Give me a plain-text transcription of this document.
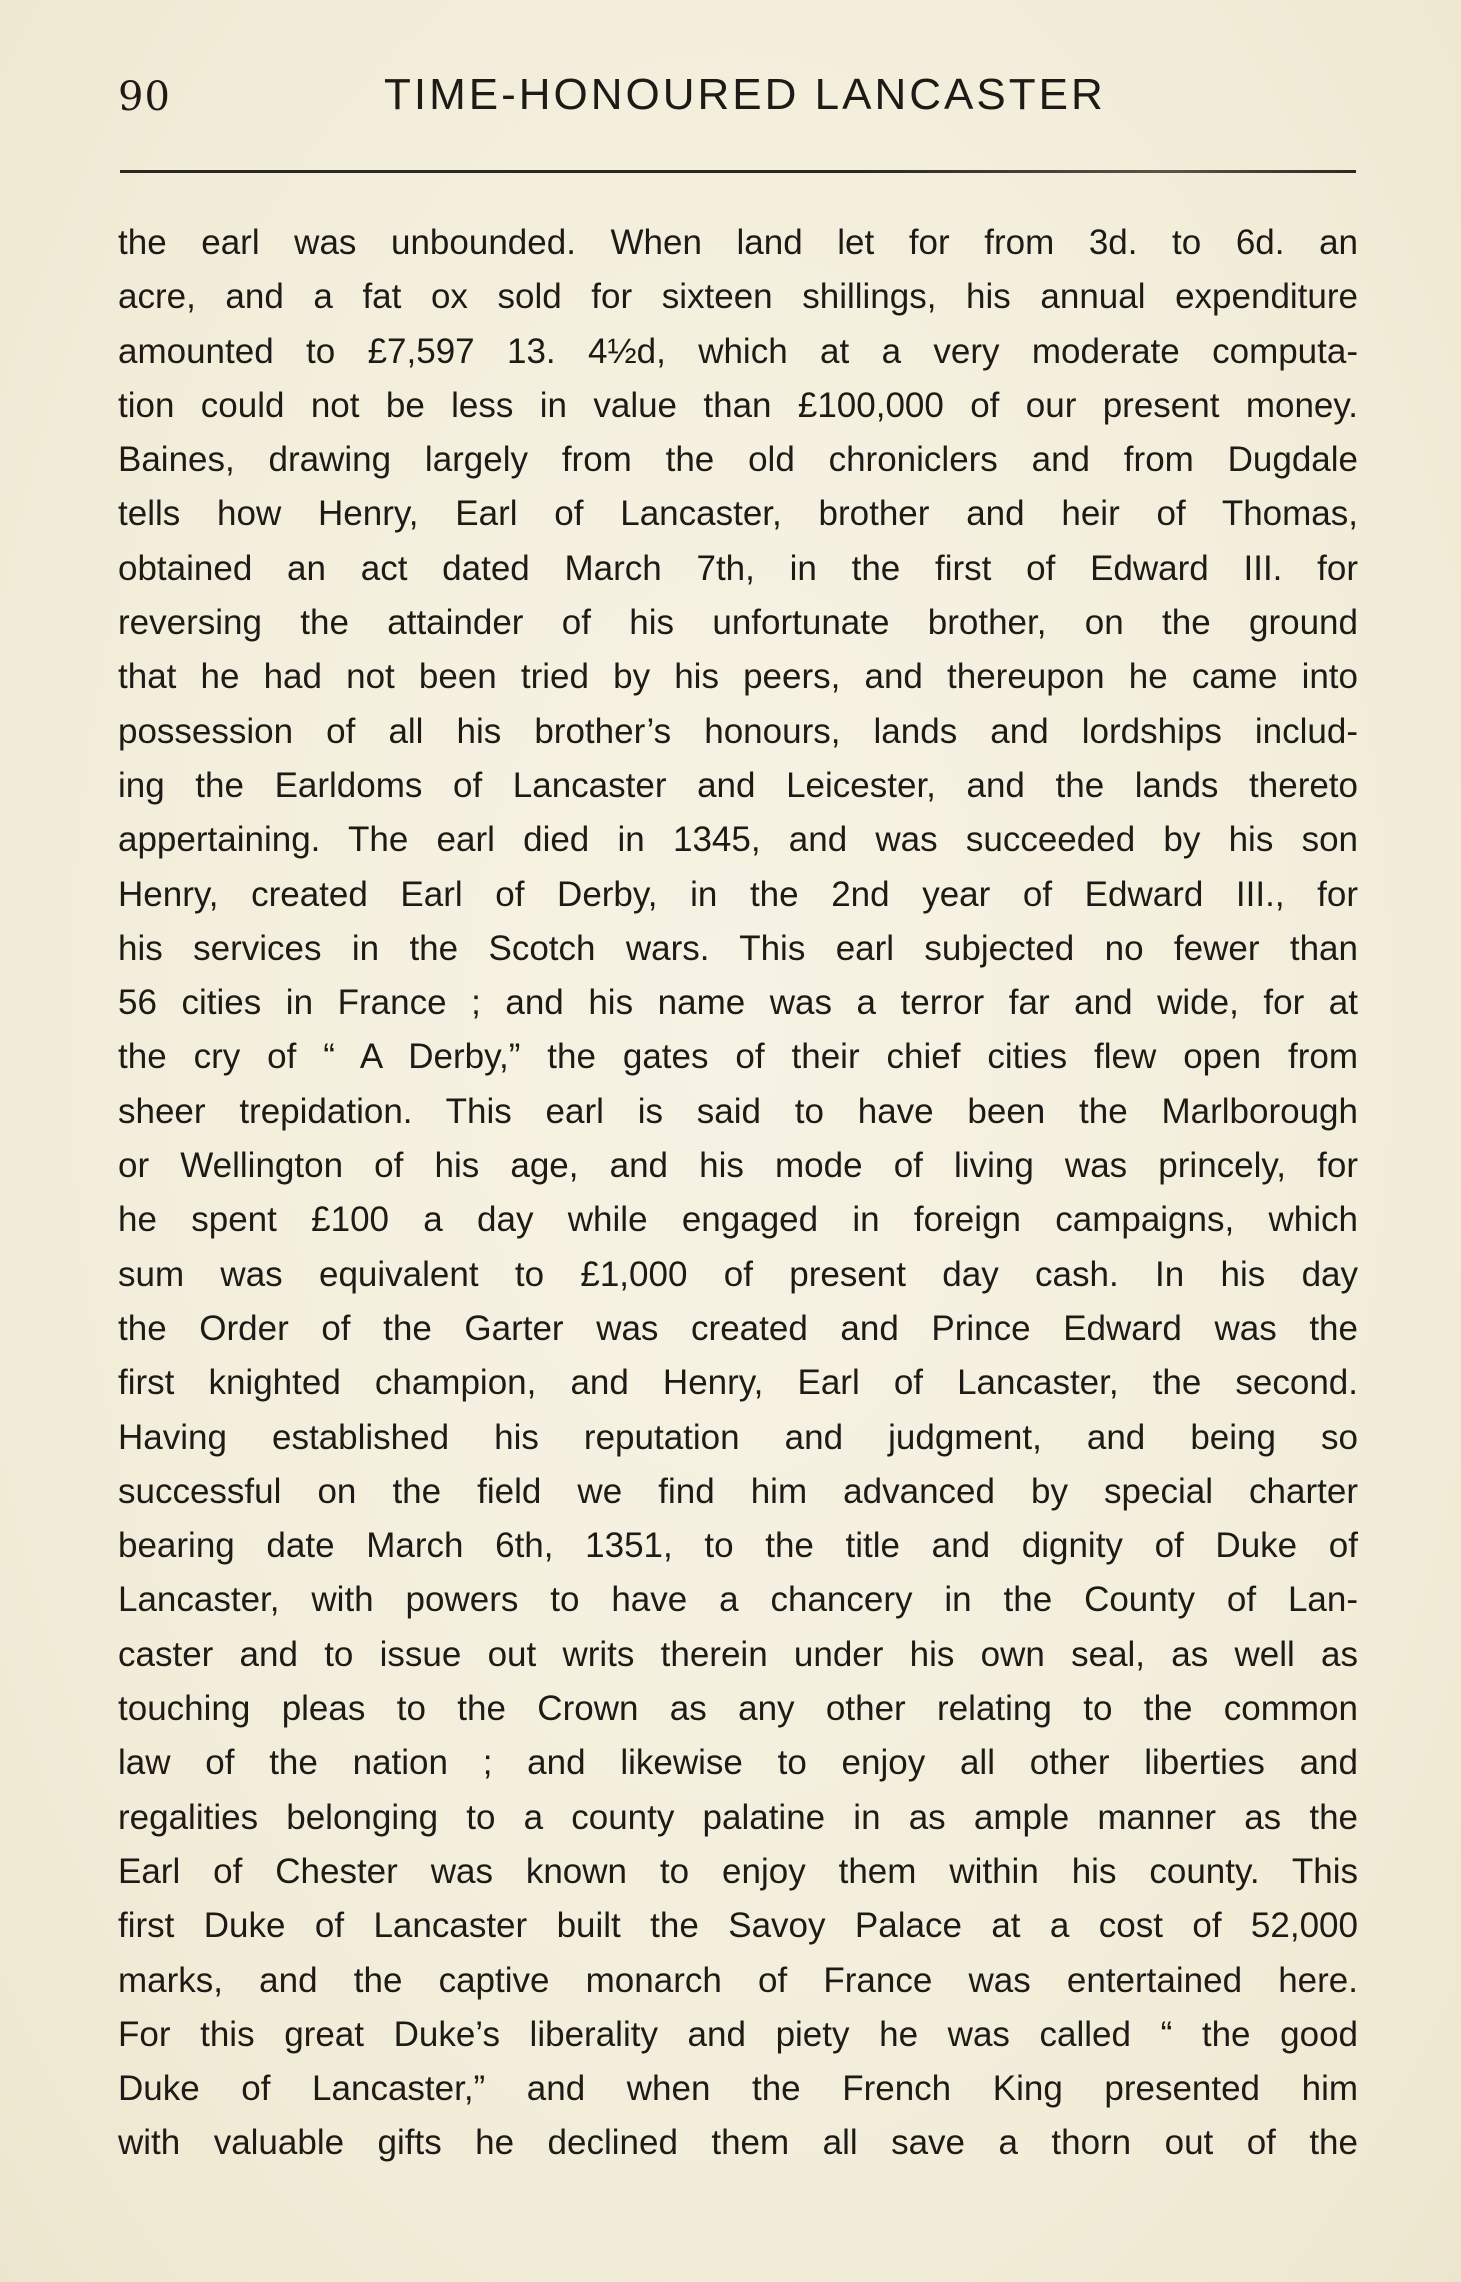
90	TIME-HONOURED LANCASTER
the earl was unbounded. When land let for from 3d. to 6d. an
acre, and a fat ox sold for sixteen shillings, his annual expenditure
amounted to £7,597 13. 4½d, which at a very moderate computa-
tion could not be less in value than £100,000 of our present money.
Baines, drawing largely from the old chroniclers and from Dugdale
tells how Henry, Earl of Lancaster, brother and heir of Thomas,
obtained an act dated March 7th, in the first of Edward III. for
reversing the attainder of his unfortunate brother, on the ground
that he had not been tried by his peers, and thereupon he came into
possession of all his brother’s honours, lands and lordships includ-
ing the Earldoms of Lancaster and Leicester, and the lands thereto
appertaining. The earl died in 1345, and was succeeded by his son
Henry, created Earl of Derby, in the 2nd year of Edward III., for
his services in the Scotch wars. This earl subjected no fewer than
56 cities in France ; and his name was a terror far and wide, for at
the cry of “ A Derby,” the gates of their chief cities flew open from
sheer trepidation. This earl is said to have been the Marlborough
or Wellington of his age, and his mode of living was princely, for
he spent £100 a day while engaged in foreign campaigns, which
sum was equivalent to £1,000 of present day cash. In his day
the Order of the Garter was created and Prince Edward was the
first knighted champion, and Henry, Earl of Lancaster, the second.
Having established his reputation and judgment, and being so
successful on the field we find him advanced by special charter
bearing date March 6th, 1351, to the title and dignity of Duke of
Lancaster, with powers to have a chancery in the County of Lan-
caster and to issue out writs therein under his own seal, as well as
touching pleas to the Crown as any other relating to the common
law of the nation ; and likewise to enjoy all other liberties and
regalities belonging to a county palatine in as ample manner as the
Earl of Chester was known to enjoy them within his county. This
first Duke of Lancaster built the Savoy Palace at a cost of 52,000
marks, and the captive monarch of France was entertained here.
For this great Duke’s liberality and piety he was called “ the good
Duke of Lancaster,” and when the French King presented him
with valuable gifts he declined them all save a thorn out of the
